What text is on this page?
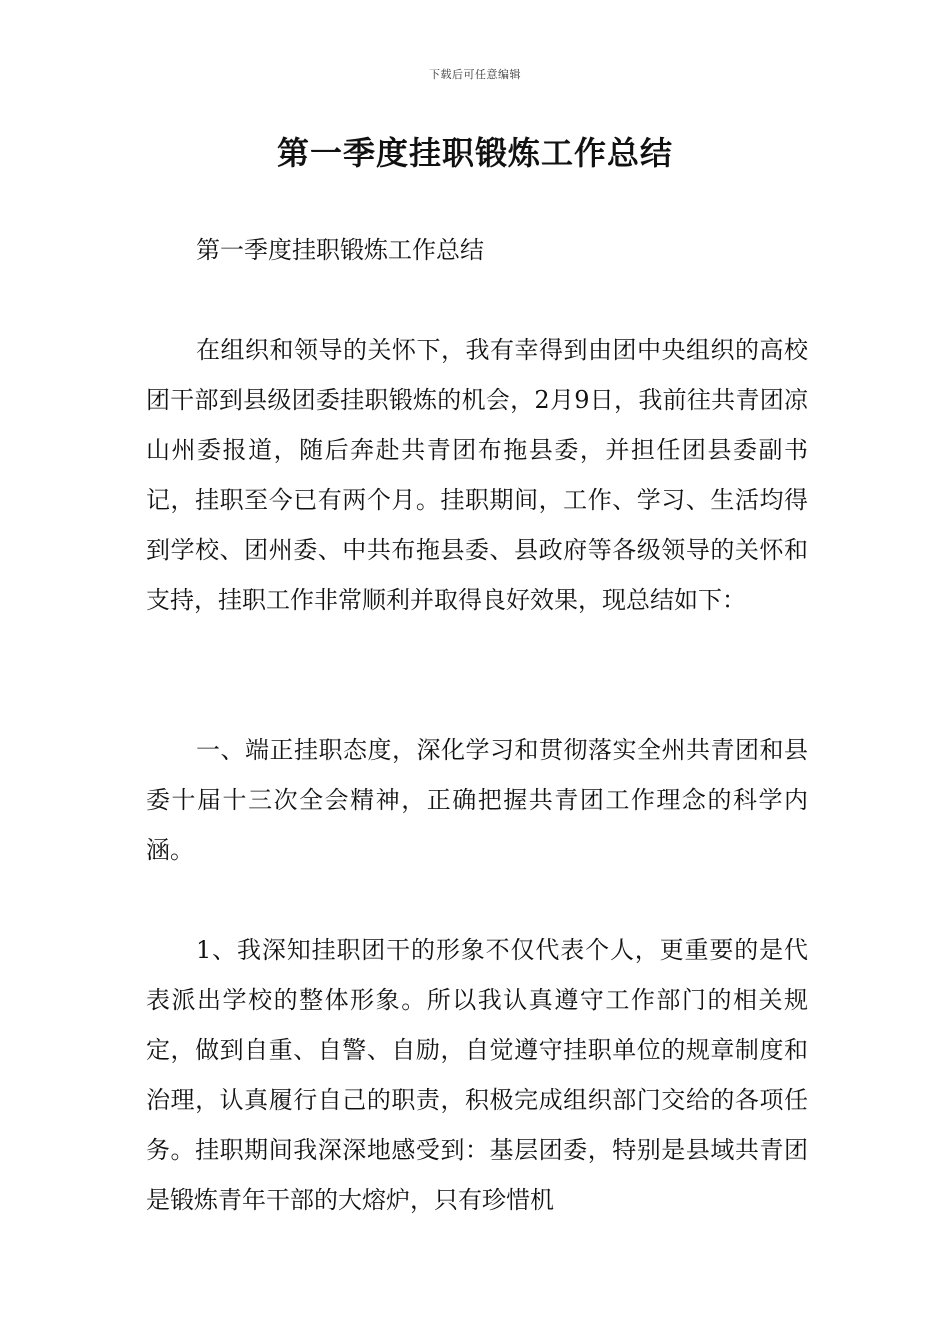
下载后可任意编辑
第一季度挂职锻炼工作总结

第一季度挂职锻炼工作总结

在组织和领导的关怀下，我有幸得到由团中央组织的高校团干部到县级团委挂职锻炼的机会，2月9日，我前往共青团凉山州委报道，随后奔赴共青团布拖县委，并担任团县委副书记，挂职至今已有两个月。挂职期间，工作、学习、生活均得到学校、团州委、中共布拖县委、县政府等各级领导的关怀和支持，挂职工作非常顺利并取得良好效果，现总结如下：

一、端正挂职态度，深化学习和贯彻落实全州共青团和县委十届十三次全会精神，正确把握共青团工作理念的科学内涵。

1、我深知挂职团干的形象不仅代表个人，更重要的是代表派出学校的整体形象。所以我认真遵守工作部门的相关规定，做到自重、自警、自励，自觉遵守挂职单位的规章制度和治理，认真履行自己的职责，积极完成组织部门交给的各项任务。挂职期间我深深地感受到：基层团委，特别是县域共青团是锻炼青年干部的大熔炉，只有珍惜机
